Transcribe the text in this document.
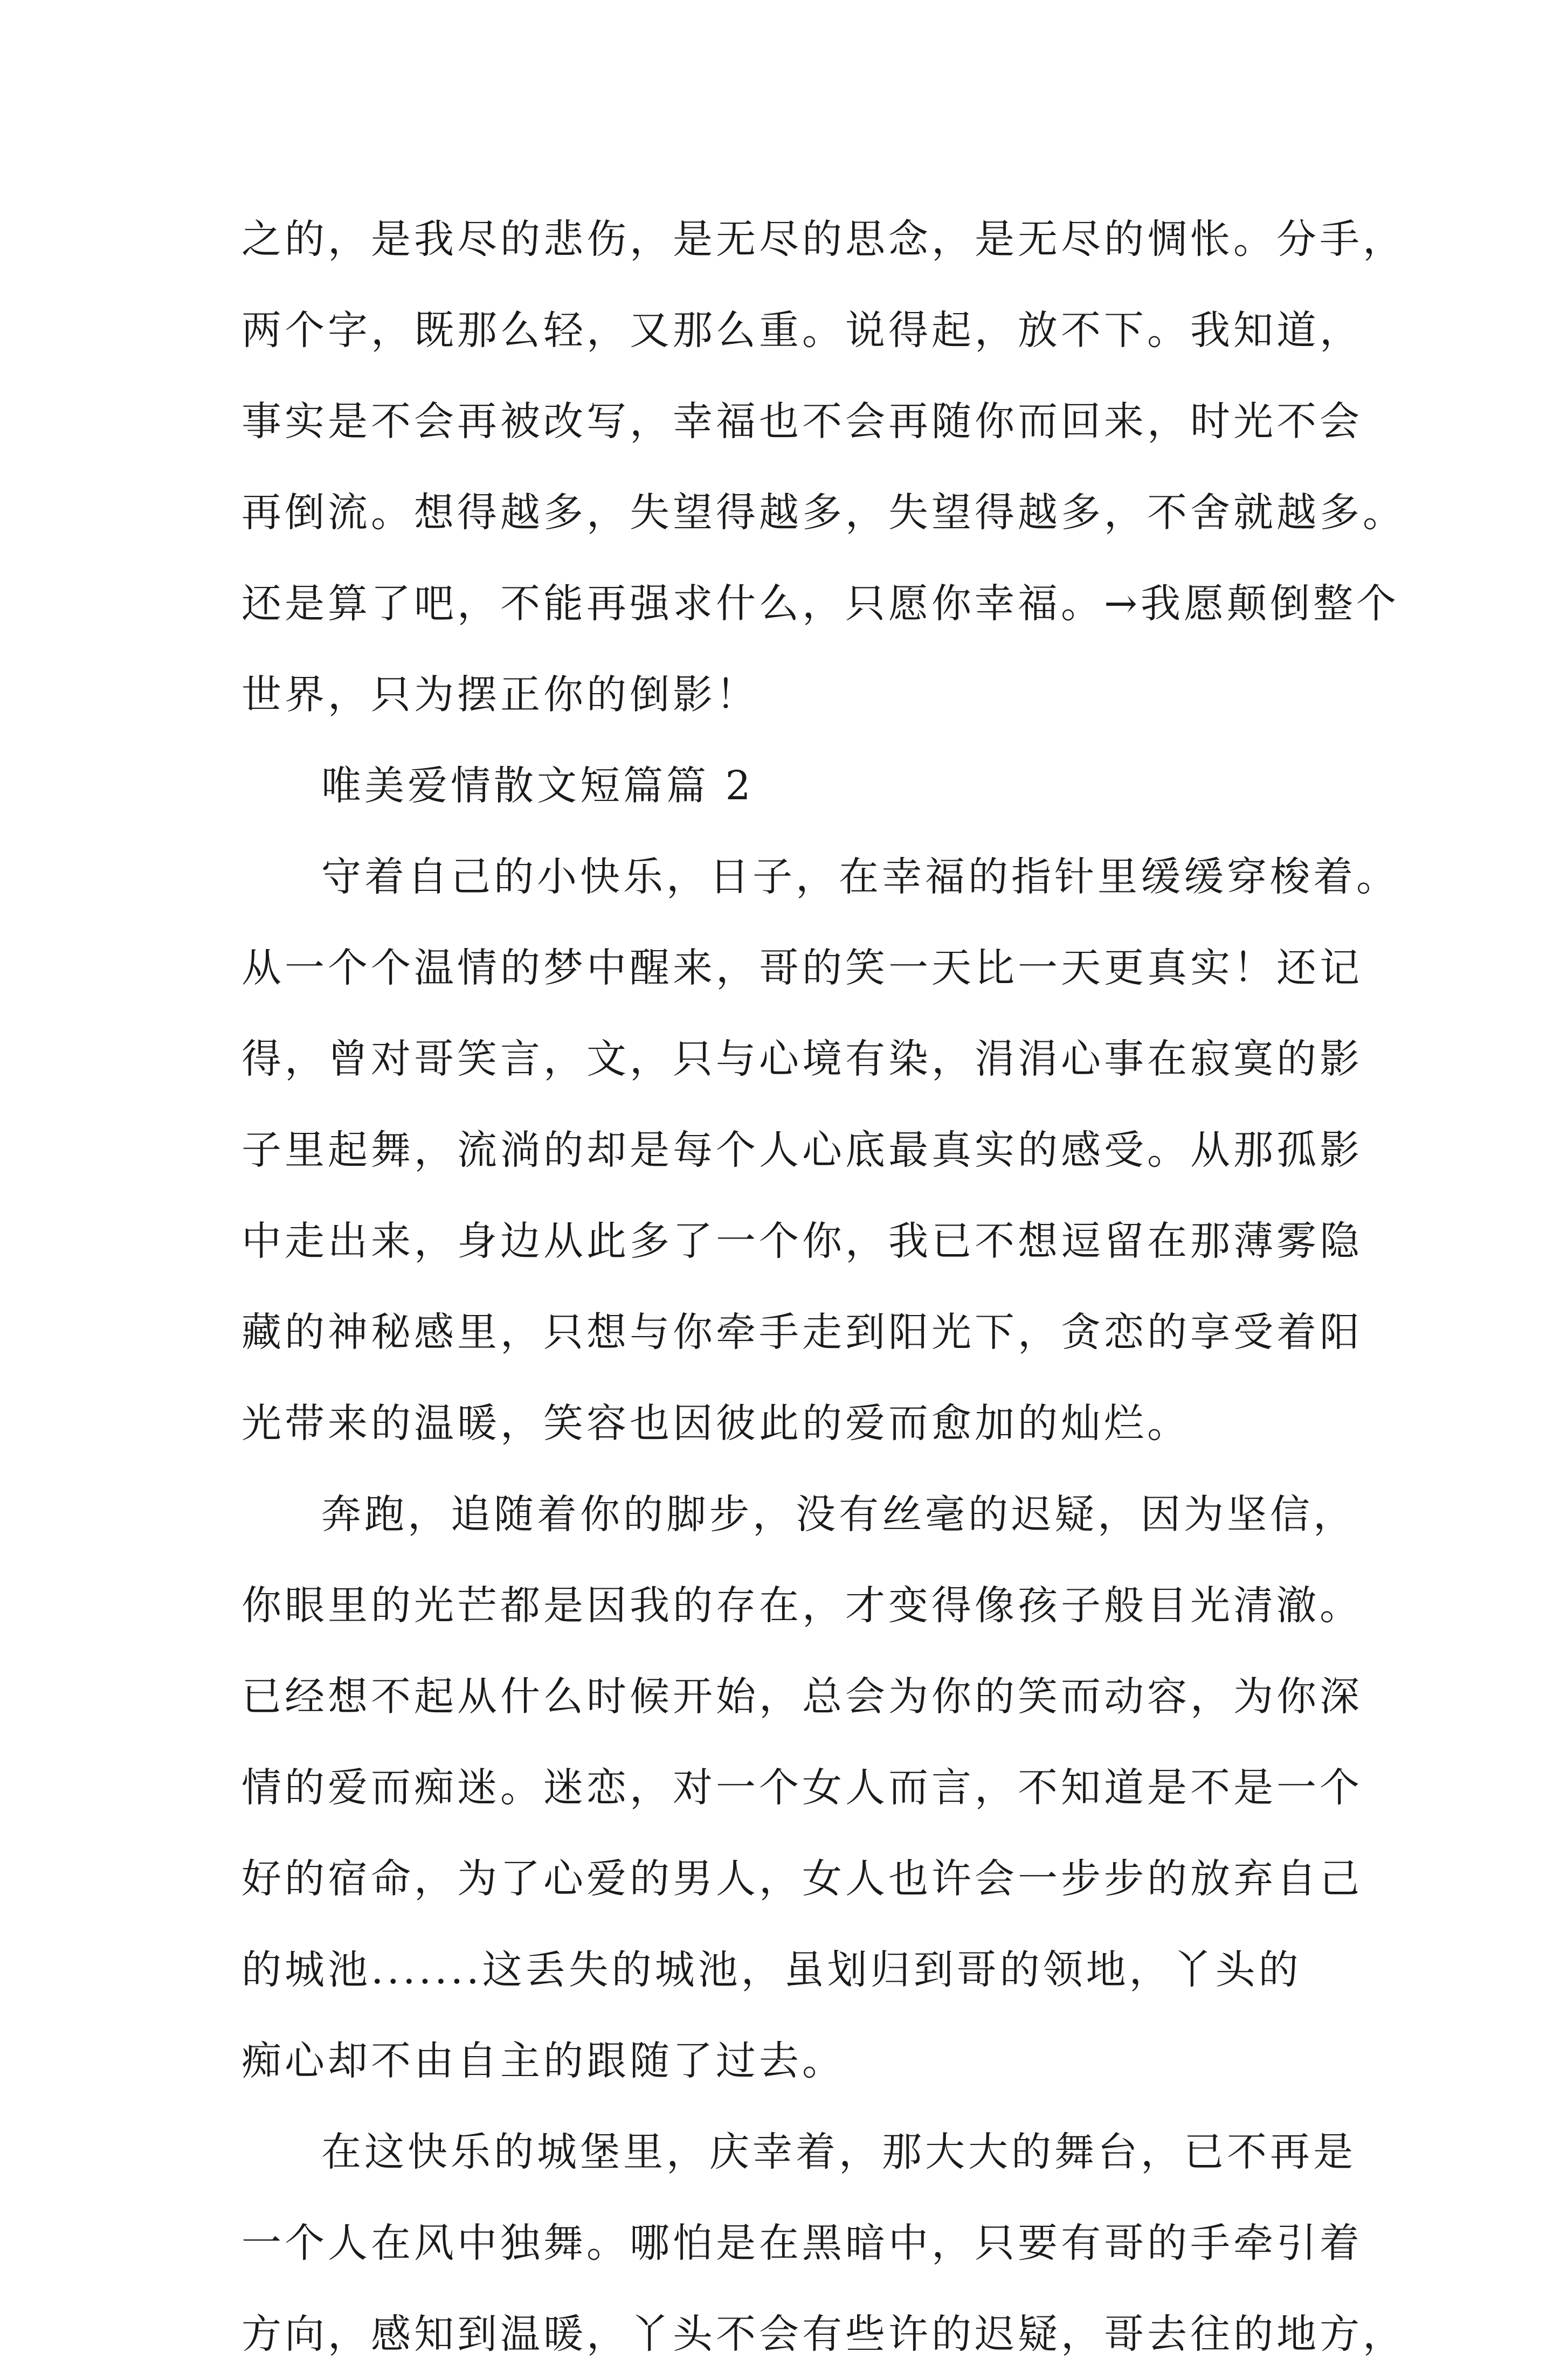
之的，是我尽的悲伤，是无尽的思念，是无尽的惆怅。分手，
两个字，既那么轻，又那么重。说得起，放不下。我知道，
事实是不会再被改写，幸福也不会再随你而回来，时光不会
再倒流。想得越多，失望得越多，失望得越多，不舍就越多。
还是算了吧，不能再强求什么，只愿你幸福。→我愿颠倒整个
世界，只为摆正你的倒影！
唯美爱情散文短篇篇 2
守着自己的小快乐，日子，在幸福的指针里缓缓穿梭着。
从一个个温情的梦中醒来，哥的笑一天比一天更真实！还记
得，曾对哥笑言，文，只与心境有染，涓涓心事在寂寞的影
子里起舞，流淌的却是每个人心底最真实的感受。从那孤影
中走出来，身边从此多了一个你，我已不想逗留在那薄雾隐
藏的神秘感里，只想与你牵手走到阳光下，贪恋的享受着阳
光带来的温暖，笑容也因彼此的爱而愈加的灿烂。
奔跑，追随着你的脚步，没有丝毫的迟疑，因为坚信，
你眼里的光芒都是因我的存在，才变得像孩子般目光清澈。
已经想不起从什么时候开始，总会为你的笑而动容，为你深
情的爱而痴迷。迷恋，对一个女人而言，不知道是不是一个
好的宿命，为了心爱的男人，女人也许会一步步的放弃自己
的城池.......这丢失的城池，虽划归到哥的领地，丫头的
痴心却不由自主的跟随了过去。
在这快乐的城堡里，庆幸着，那大大的舞台，已不再是
一个人在风中独舞。哪怕是在黑暗中，只要有哥的手牵引着
方向，感知到温暖，丫头不会有些许的迟疑，哥去往的地方，
